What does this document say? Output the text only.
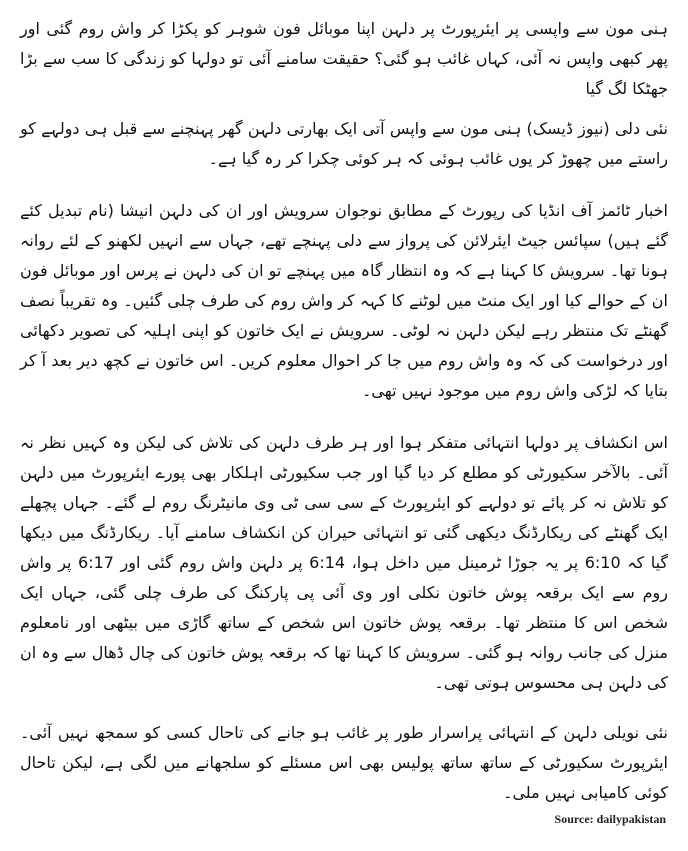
ہنی مون سے واپسی پر ایئرپورٹ پر دلہن اپنا موبائل فون شوہر کو پکڑا کر واش روم گئی اور پھر کبھی واپس نہ آئی، کہاں غائب ہو گئی؟ حقیقت سامنے آئی تو دولہا کو زندگی کا سب سے بڑا جھٹکا لگ گیا

نئی دلی (نیوز ڈیسک) ہنی مون سے واپس آتی ایک بھارتی دلہن گھر پہنچنے سے قبل ہی دولہے کو راستے میں چھوڑ کر یوں غائب ہوئی کہ ہر کوئی چکرا کر رہ گیا ہے۔

اخبار ٹائمز آف انڈیا کی رپورٹ کے مطابق نوجوان سرویش اور ان کی دلہن انیشا (نام تبدیل کئے گئے ہیں) سپائس جیٹ ایئرلائن کی پرواز سے دلی پہنچے تھے، جہاں سے انہیں لکھنو کے لئے روانہ ہونا تھا۔ سرویش کا کہنا ہے کہ وہ انتظار گاہ میں پہنچے تو ان کی دلہن نے پرس اور موبائل فون ان کے حوالے کیا اور ایک منٹ میں لوٹنے کا کہہ کر واش روم کی طرف چلی گئیں۔ وہ تقریباً نصف گھنٹے تک منتظر رہے لیکن دلہن نہ لوٹی۔ سرویش نے ایک خاتون کو اپنی اہلیہ کی تصویر دکھائی اور درخواست کی کہ وہ واش روم میں جا کر احوال معلوم کریں۔ اس خاتون نے کچھ دیر بعد آ کر بتایا کہ لڑکی واش روم میں موجود نہیں تھی۔

اس انکشاف پر دولہا انتہائی متفکر ہوا اور ہر طرف دلہن کی تلاش کی لیکن وہ کہیں نظر نہ آئی۔ بالآخر سکیورٹی کو مطلع کر دیا گیا اور جب سکیورٹی اہلکار بھی پورے ایئرپورٹ میں دلہن کو تلاش نہ کر پائے تو دولہے کو ایئرپورٹ کے سی سی ٹی وی مانیٹرنگ روم لے گئے۔ جہاں پچھلے ایک گھنٹے کی ریکارڈنگ دیکھی گئی تو انتہائی حیران کن انکشاف سامنے آیا۔ ریکارڈنگ میں دیکھا گیا کہ 6:10 پر یہ جوڑا ٹرمینل میں داخل ہوا، 6:14 پر دلہن واش روم گئی اور 6:17 پر واش روم سے ایک برقعہ پوش خاتون نکلی اور وی آئی پی پارکنگ کی طرف چلی گئی، جہاں ایک شخص اس کا منتظر تھا۔ برقعہ پوش خاتون اس شخص کے ساتھ گاڑی میں بیٹھی اور نامعلوم منزل کی جانب روانہ ہو گئی۔ سرویش کا کہنا تھا کہ برقعہ پوش خاتون کی چال ڈھال سے وہ ان کی دلہن ہی محسوس ہوتی تھی۔

نئی نویلی دلہن کے انتہائی پراسرار طور پر غائب ہو جانے کی تاحال کسی کو سمجھ نہیں آئی۔ ایئرپورٹ سکیورٹی کے ساتھ ساتھ پولیس بھی اس مسئلے کو سلجھانے میں لگی ہے، لیکن تاحال کوئی کامیابی نہیں ملی۔

Source: dailypakistan
